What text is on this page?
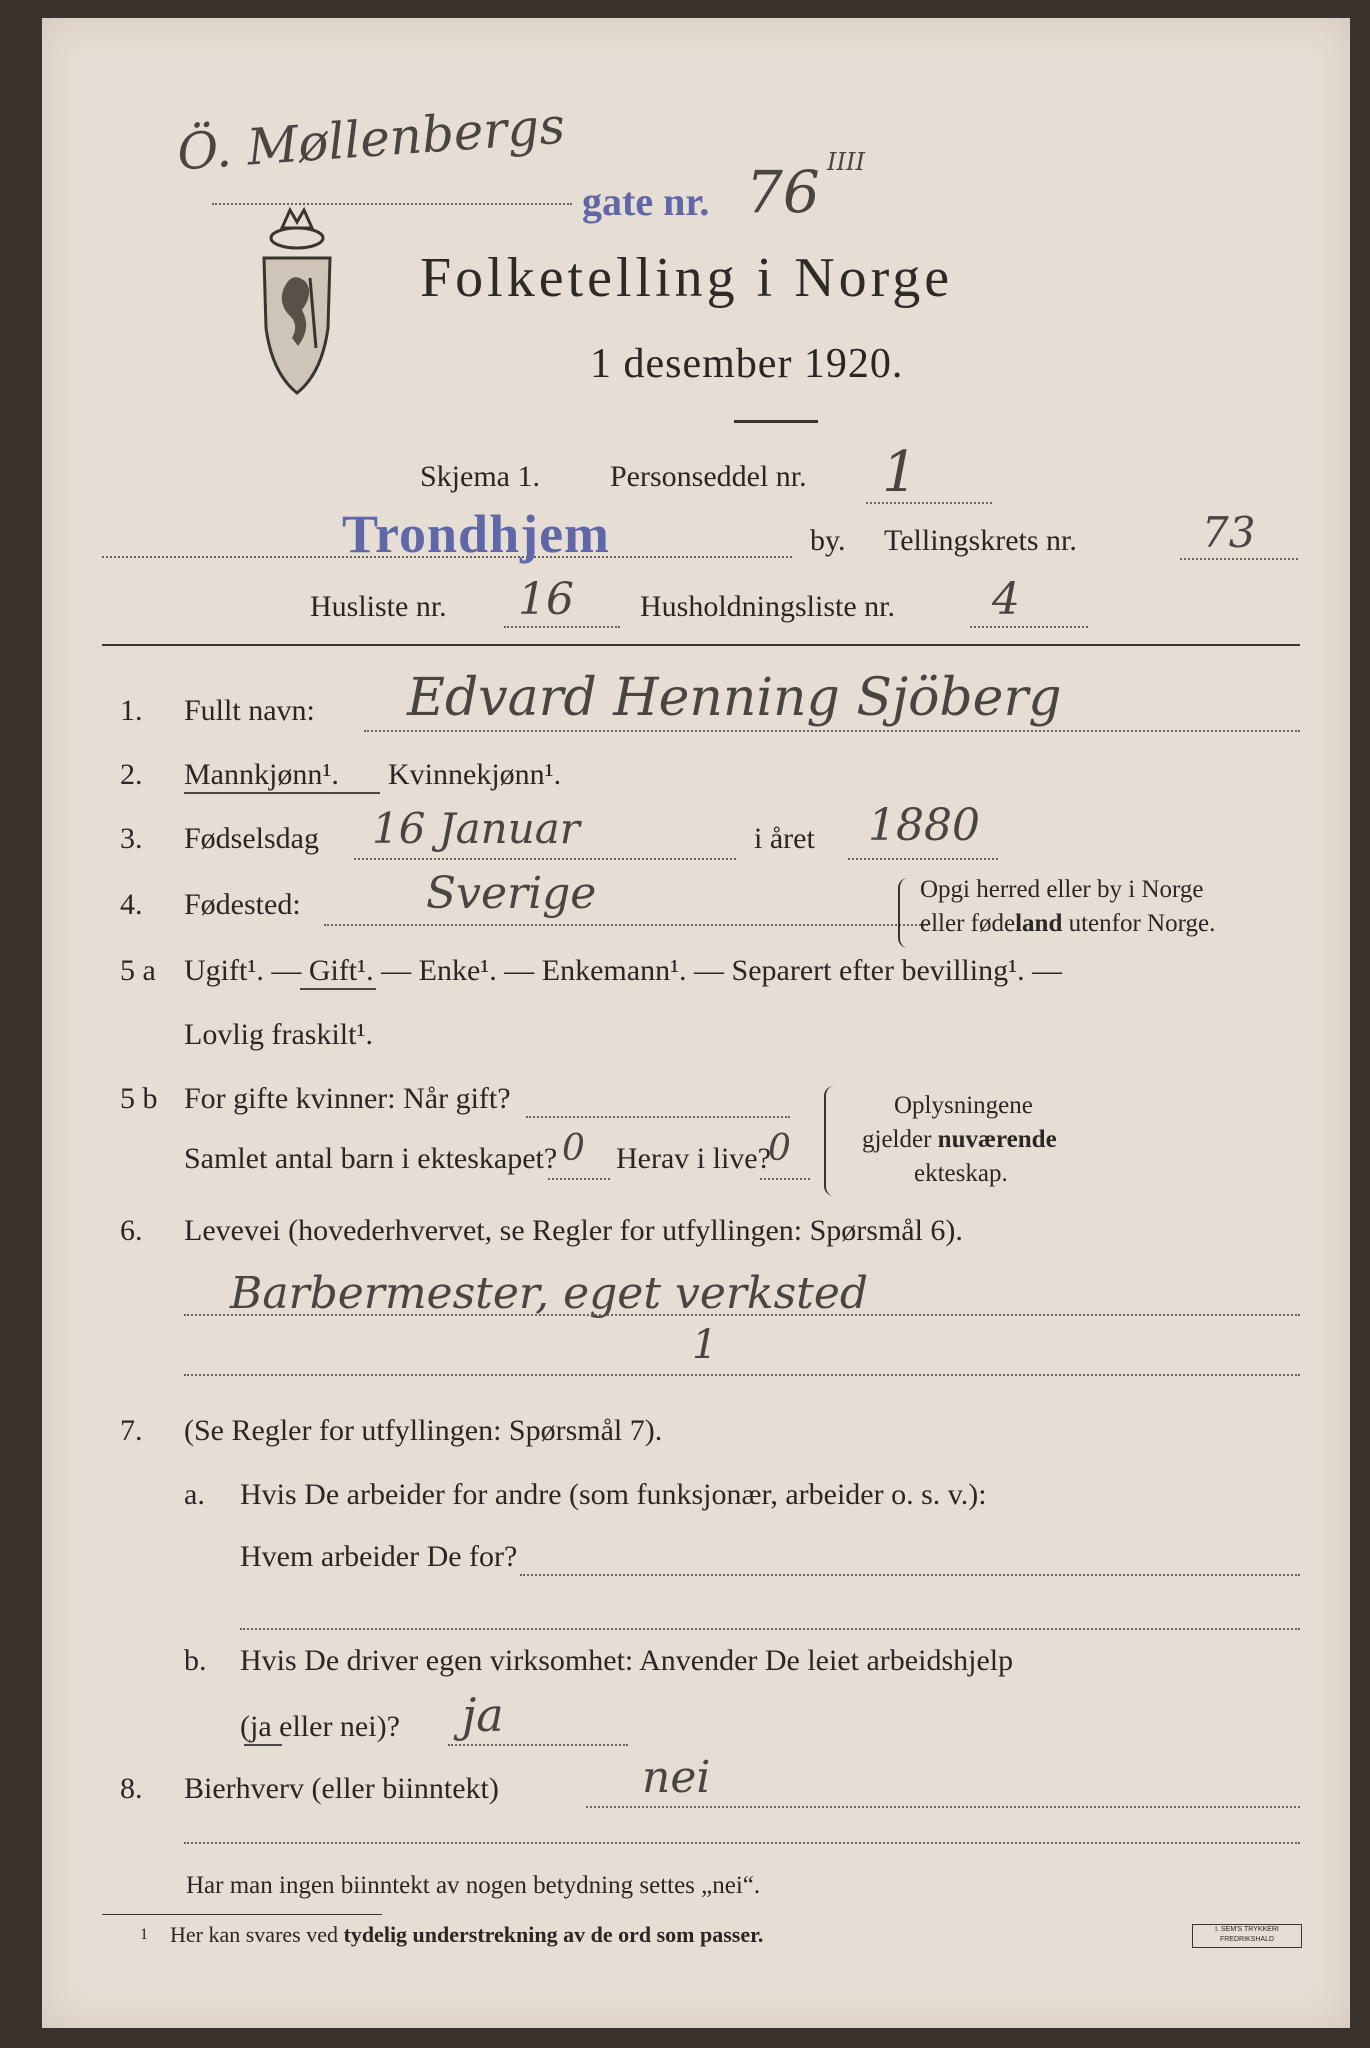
Ö. Møllenbergs
gate nr. 76 IIII
Folketelling i Norge
1 desember 1920.
Skjema 1. Personseddel nr. 1
Trondhjem	by. Tellingskrets nr.	73
Husliste nr. 16 Husholdningsliste nr. 4
1. Fullt navn: Edvard Henning Sjöberg
2. Mannkjønn¹. Kvinnekjønn¹.
3. Fødselsdag 16 Januar	i året 1880
4. Fødested:	Sverige	Opgi herred eller by i Norge
eller fødeland utenfor Norge.
5 a Ugift¹. — Gift¹. — Enke¹. — Enkemann¹. — Separert efter bevilling¹. —
Lovlig fraskilt¹.
5 b For gifte kvinner: Når gift?
Samlet antal barn i ekteskapet? 0 Herav i live?
0
Oplysningene
gjelder nuværende
ekteskap.
6. Levevei (hovederhvervet, se Regler for utfyllingen: Spørsmål 6).
Barbermester, eget verksted
1
7. (Se Regler for utfyllingen: Spørsmål 7).
a. Hvis De arbeider for andre (som funksjonær, arbeider o. s. v.):
Hvem arbeider De for?
b. Hvis De driver egen virksomhet: Anvender De leiet arbeidshjelp
(ja eller nei)? ja
8. Bierhverv (eller biinntekt)	nei
Har man ingen biinntekt av nogen betydning settes „nei“.
1 Her kan svares ved tydelig understrekning av de ord som passer.	I. SEM'S TRYKKERI
FREDRIKSHALD
